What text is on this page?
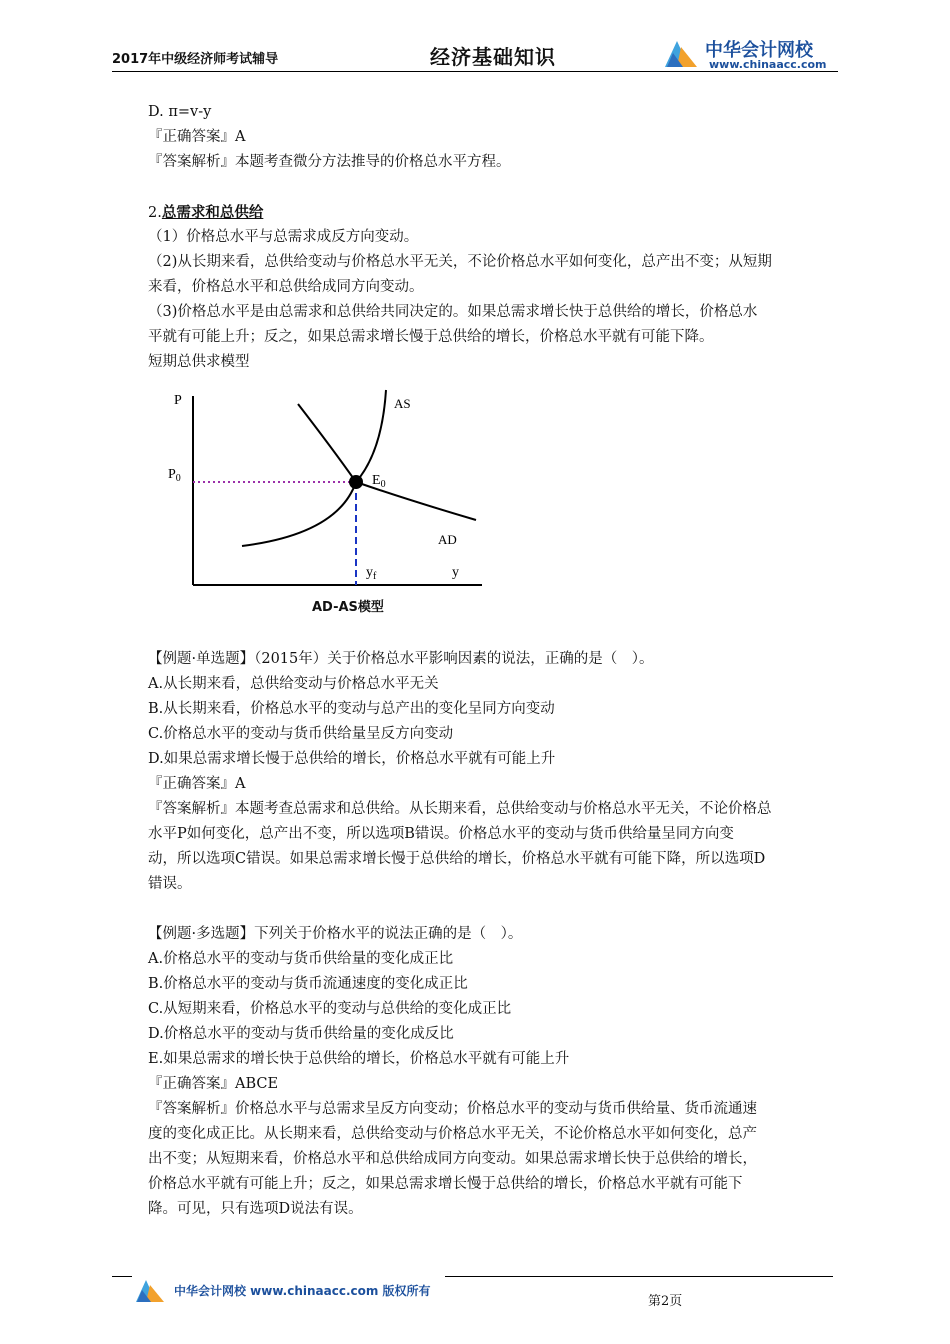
2017年中级经济师考试辅导	经济基础知识	中华会计网校
www.chinaacc.com
D. π=v-y
『正确答案』A
『答案解析』本题考查微分方法推导的价格总水平方程。
2.总需求和总供给
（1）价格总水平与总需求成反方向变动。
（2)从长期来看，总供给变动与价格总水平无关，不论价格总水平如何变化，总产出不变；从短期
来看，价格总水平和总供给成同方向变动。
（3)价格总水平是由总需求和总供给共同决定的。如果总需求增长快于总供给的增长，价格总水
平就有可能上升；反之，如果总需求增长慢于总供给的增长，价格总水平就有可能下降。
短期总供求模型
P
$P_0$
AS
$E_0$
AD
$y_f$	y
AD-AS模型
【例题·单选题】（2015年）关于价格总水平影响因素的说法，正确的是（　）。
A.从长期来看，总供给变动与价格总水平无关
B.从长期来看，价格总水平的变动与总产出的变化呈同方向变动
C.价格总水平的变动与货币供给量呈反方向变动
D.如果总需求增长慢于总供给的增长，价格总水平就有可能上升
『正确答案』A
『答案解析』本题考查总需求和总供给。从长期来看，总供给变动与价格总水平无关，不论价格总
水平P如何变化，总产出不变，所以选项B错误。价格总水平的变动与货币供给量呈同方向变
动，所以选项C错误。如果总需求增长慢于总供给的增长，价格总水平就有可能下降，所以选项D
错误。
【例题·多选题】下列关于价格水平的说法正确的是（　）。
A.价格总水平的变动与货币供给量的变化成正比
B.价格总水平的变动与货币流通速度的变化成正比
C.从短期来看，价格总水平的变动与总供给的变化成正比
D.价格总水平的变动与货币供给量的变化成反比
E.如果总需求的增长快于总供给的增长，价格总水平就有可能上升
『正确答案』ABCE
『答案解析』价格总水平与总需求呈反方向变动；价格总水平的变动与货币供给量、货币流通速
度的变化成正比。从长期来看，总供给变动与价格总水平无关，不论价格总水平如何变化，总产
出不变；从短期来看，价格总水平和总供给成同方向变动。如果总需求增长快于总供给的增长，
价格总水平就有可能上升；反之，如果总需求增长慢于总供给的增长，价格总水平就有可能下
降。可见，只有选项D说法有误。
中华会计网校 www.chinaacc.com 版权所有
第2页
